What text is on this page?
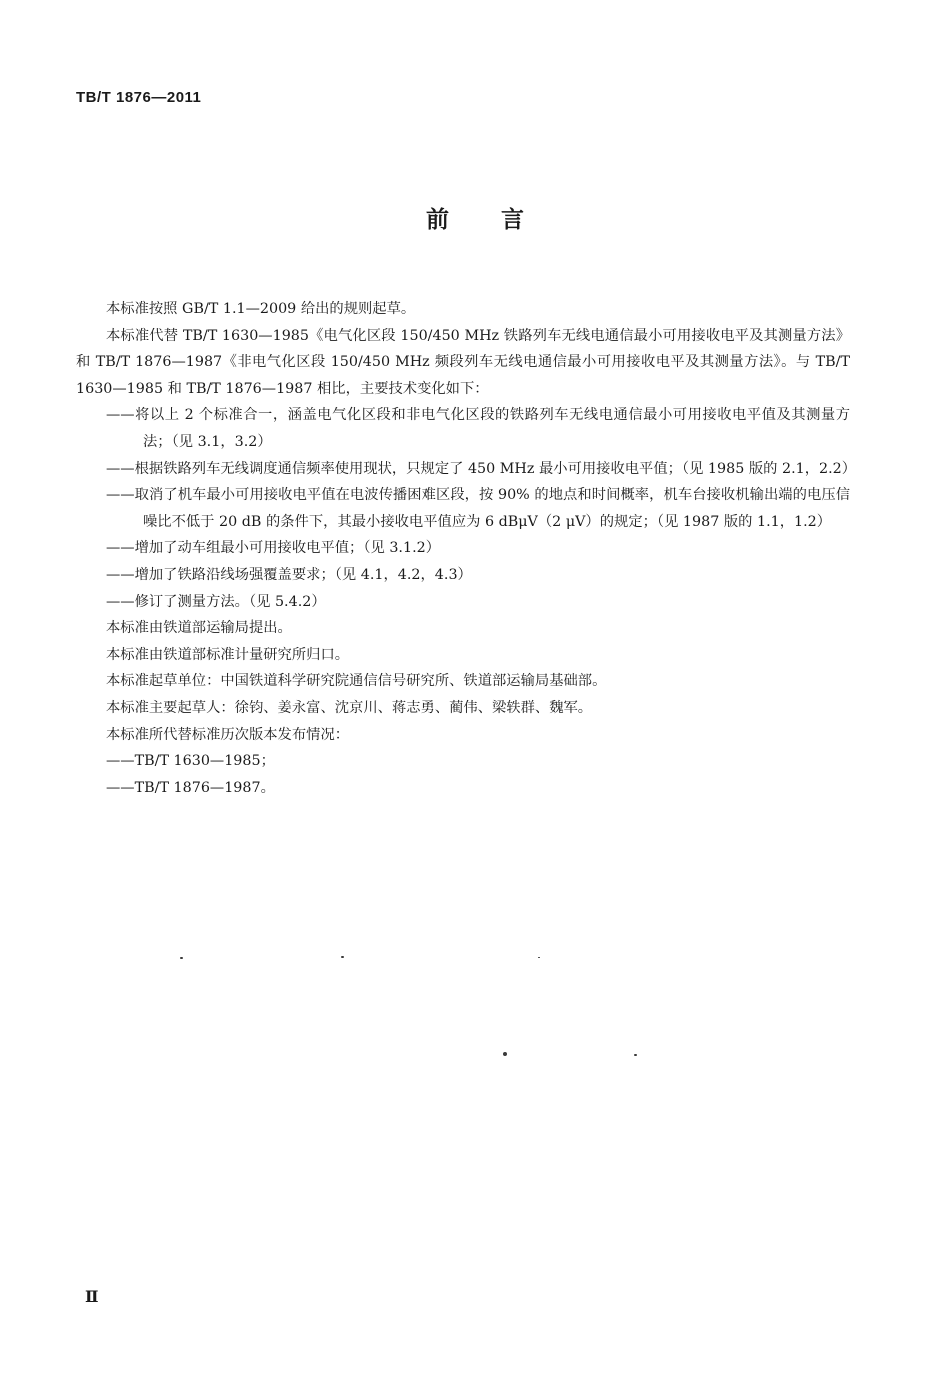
TB/T 1876—2011
前言

本标准按照 GB/T 1.1—2009 给出的规则起草。

本标准代替 TB/T 1630—1985《电气化区段 150/450 MHz 铁路列车无线电通信最小可用接收电平及其测量方法》和 TB/T 1876—1987《非电气化区段 150/450 MHz 频段列车无线电通信最小可用接收电平及其测量方法》。与 TB/T 1630—1985 和 TB/T 1876—1987 相比，主要技术变化如下：

——将以上 2 个标准合一，涵盖电气化区段和非电气化区段的铁路列车无线电通信最小可用接收电平值及其测量方法；（见 3.1，3.2）

——根据铁路列车无线调度通信频率使用现状，只规定了 450 MHz 最小可用接收电平值；（见 1985 版的 2.1，2.2）

——取消了机车最小可用接收电平值在电波传播困难区段，按 90% 的地点和时间概率，机车台接收机输出端的电压信噪比不低于 20 dB 的条件下，其最小接收电平值应为 6 dBμV（2 μV）的规定；（见 1987 版的 1.1，1.2）

——增加了动车组最小可用接收电平值；（见 3.1.2）

——增加了铁路沿线场强覆盖要求；（见 4.1，4.2，4.3）

——修订了测量方法。（见 5.4.2）

本标准由铁道部运输局提出。

本标准由铁道部标准计量研究所归口。

本标准起草单位：中国铁道科学研究院通信信号研究所、铁道部运输局基础部。

本标准主要起草人：徐钧、姜永富、沈京川、蒋志勇、蔺伟、梁轶群、魏军。

本标准所代替标准历次版本发布情况：

——TB/T 1630—1985；

——TB/T 1876—1987。

Ⅱ
